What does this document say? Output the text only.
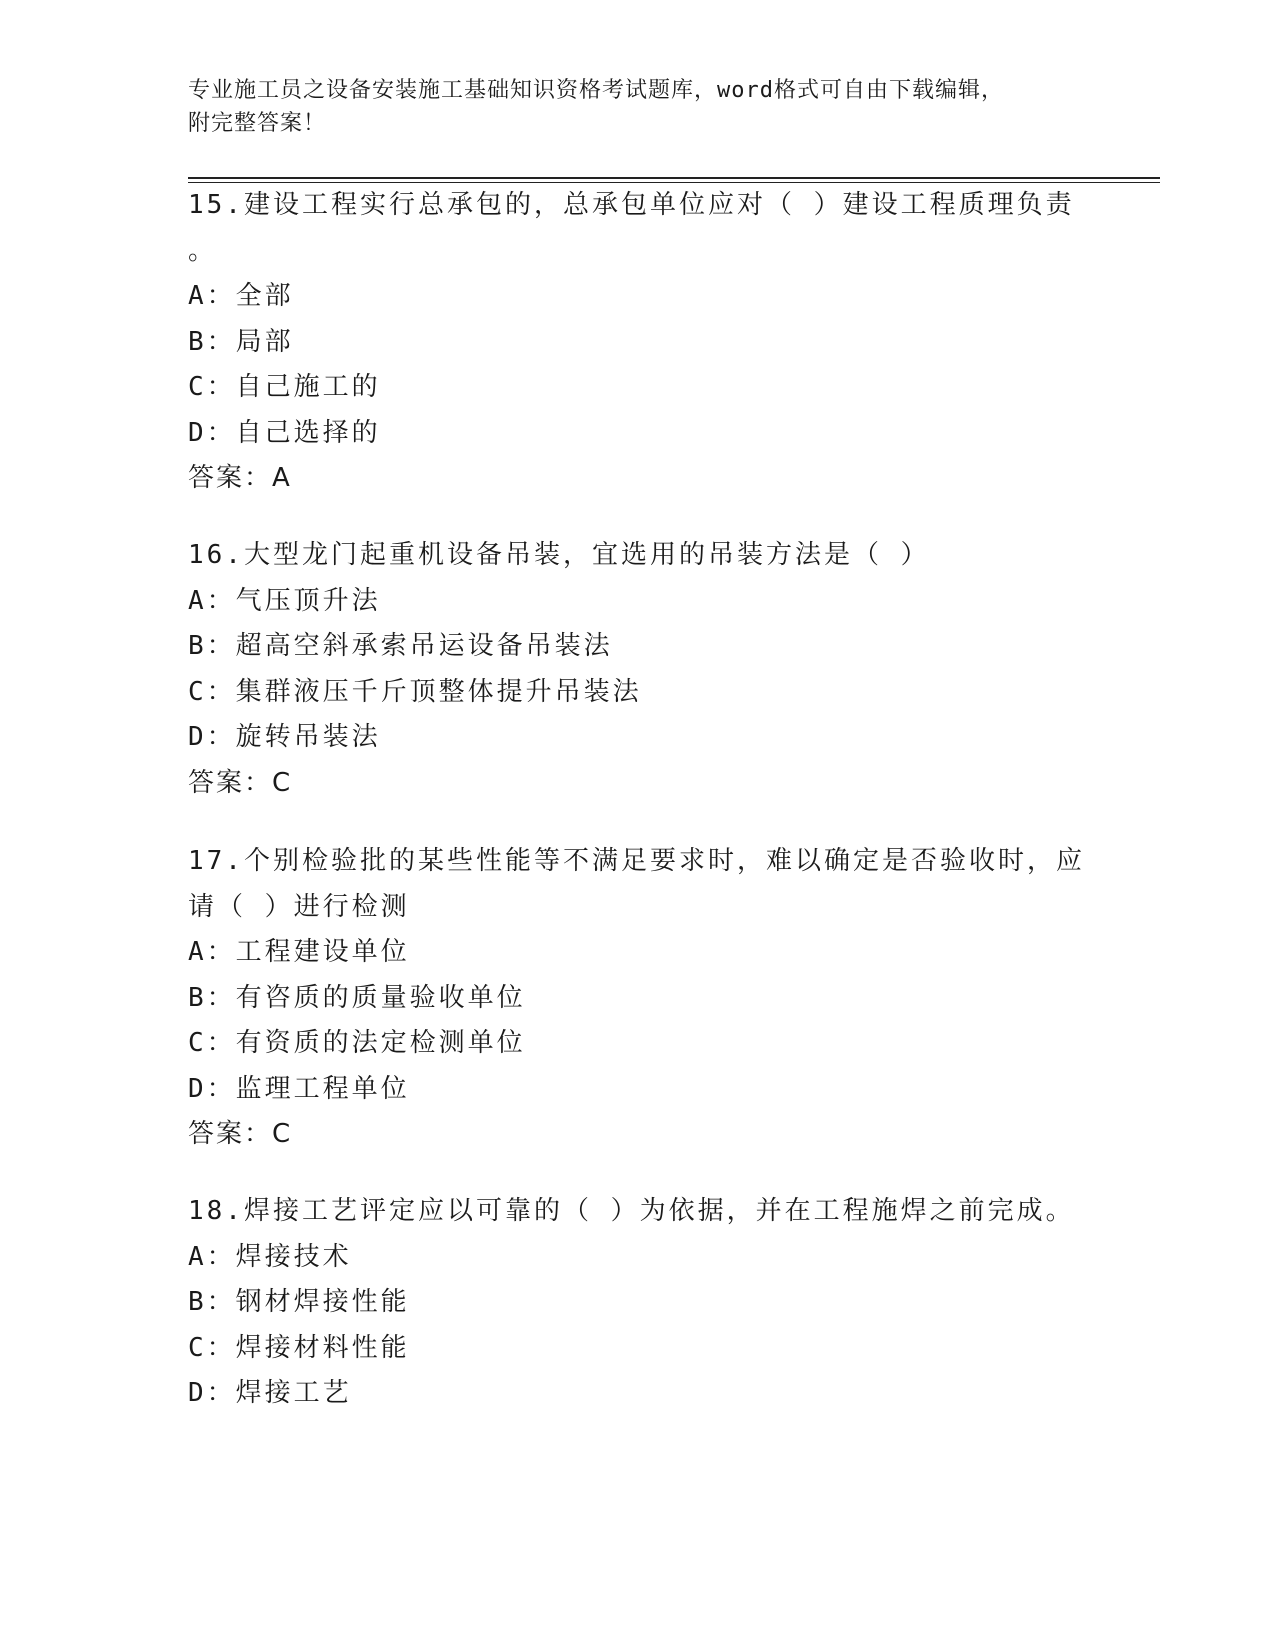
专业施工员之设备安装施工基础知识资格考试题库，word格式可自由下载编辑，
附完整答案！
15.建设工程实行总承包的，总承包单位应对（ ）建设工程质理负责
。
A：全部
B：局部
C：自己施工的
D：自己选择的
答案：A
16.大型龙门起重机设备吊装，宜选用的吊装方法是（ ）
A：气压顶升法
B：超高空斜承索吊运设备吊装法
C：集群液压千斤顶整体提升吊装法
D：旋转吊装法
答案：C
17.个别检验批的某些性能等不满足要求时，难以确定是否验收时，应
请（ ）进行检测
A：工程建设单位
B：有咨质的质量验收单位
C：有资质的法定检测单位
D：监理工程单位
答案：C
18.焊接工艺评定应以可靠的（ ）为依据，并在工程施焊之前完成。
A：焊接技术
B：钢材焊接性能
C：焊接材料性能
D：焊接工艺
